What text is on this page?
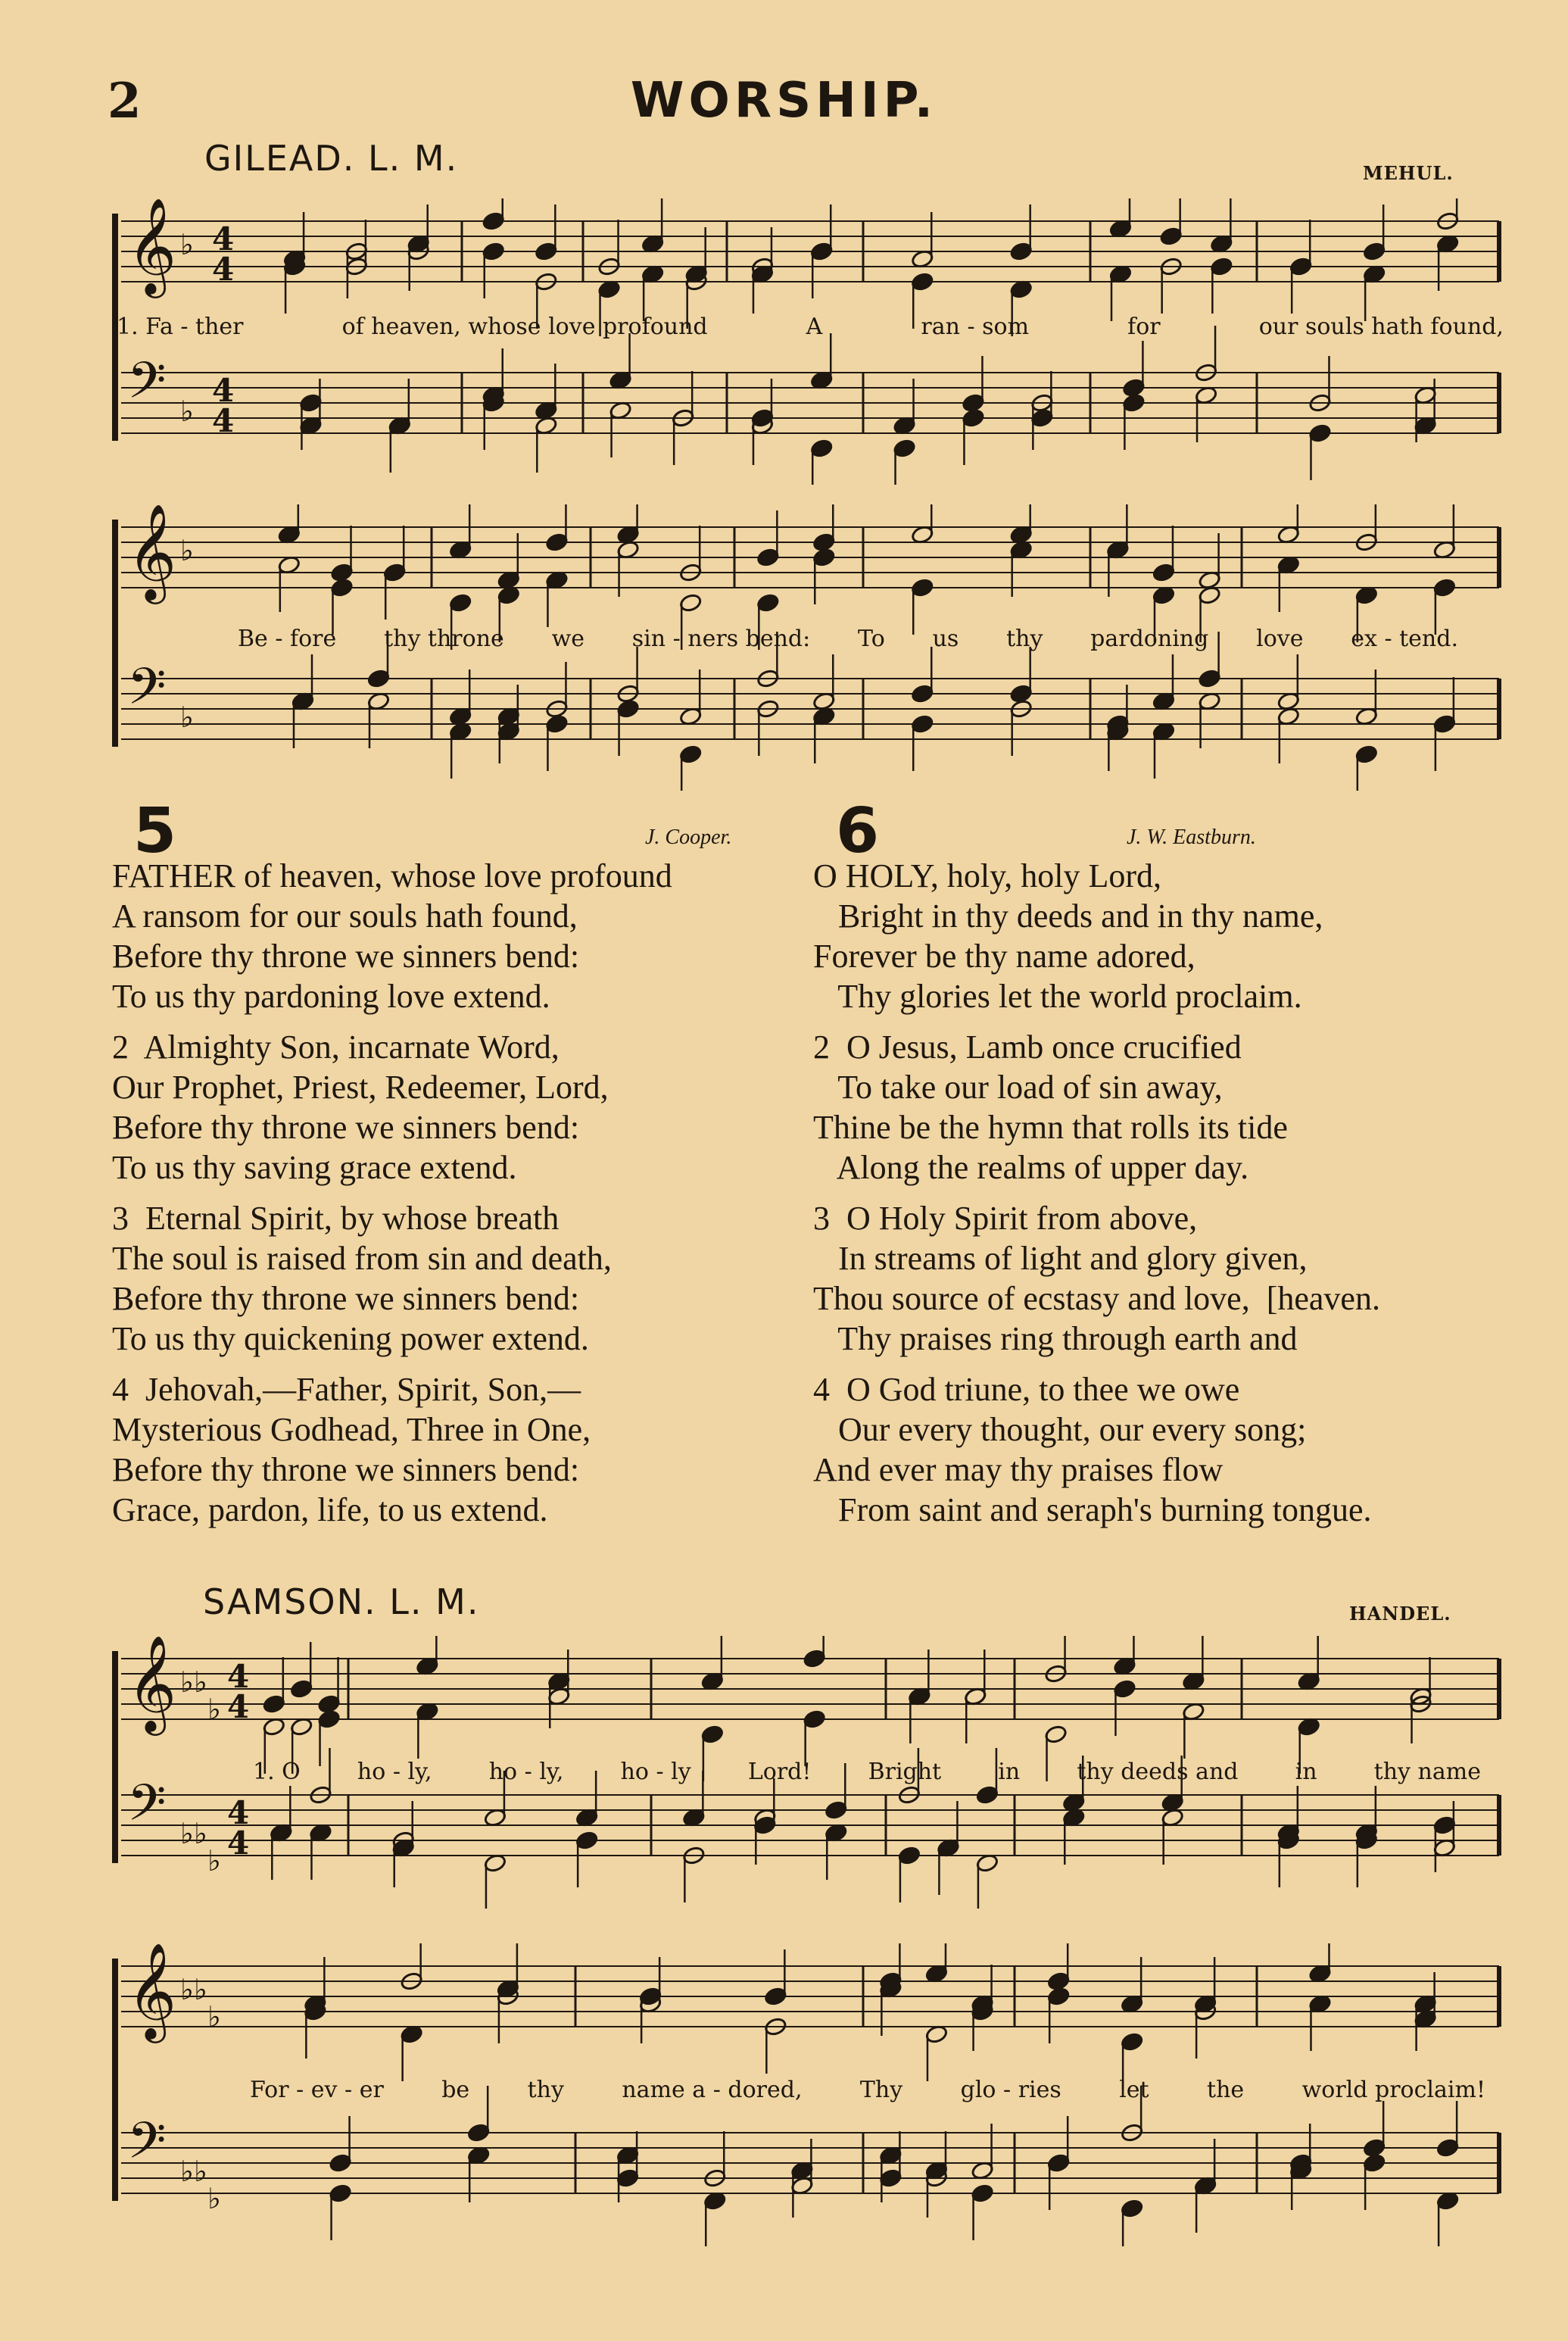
2	WORSHIP.
GILEAD. L. M.	MEHUL.
𝄞 ♭ 4
4
𝄢 ♭
4
4
1. Fa - ther	of heaven, whose love profound	A	ran - som	for	our souls hath found,
𝄞 ♭
𝄢 ♭
Be - fore thy throne we sin - ners bend: To us thy pardoning love ex - tend.
5	J. Cooper.
FATHER of heaven, whose love profound
A ransom for our souls hath found,
Before thy throne we sinners bend:
To us thy pardoning love extend.
2  Almighty Son, incarnate Word,
Our Prophet, Priest, Redeemer, Lord,
Before thy throne we sinners bend:
To us thy saving grace extend.
3  Eternal Spirit, by whose breath
The soul is raised from sin and death,
Before thy throne we sinners bend:
To us thy quickening power extend.
4  Jehovah,—Father, Spirit, Son,—
Mysterious Godhead, Three in One,
Before thy throne we sinners bend:
Grace, pardon, life, to us extend.
6	J. W. Eastburn.
O HOLY, holy, holy Lord,
Bright in thy deeds and in thy name,
Forever be thy name adored,
Thy glories let the world proclaim.
2  O Jesus, Lamb once crucified
To take our load of sin away,
Thine be the hymn that rolls its tide
Along the realms of upper day.
3  O Holy Spirit from above,
In streams of light and glory given,
Thou source of ecstasy and love,  [heaven.
Thy praises ring through earth and
4  O God triune, to thee we owe
Our every thought, our every song;
And ever may thy praises flow
From saint and seraph's burning tongue.
SAMSON. L. M.	HANDEL.
𝄞 ♭ ♭
♭
4
4
𝄢 ♭ ♭
♭
4
4
1. O	ho - ly,	ho - ly,	ho - ly	Lord!	Bright	in	thy deeds and	in	thy name
𝄞 ♭ ♭
♭
𝄢 ♭ ♭
♭
For - ev - er	be	thy	name a - dored,	Thy	glo - ries	let	the	world proclaim!
